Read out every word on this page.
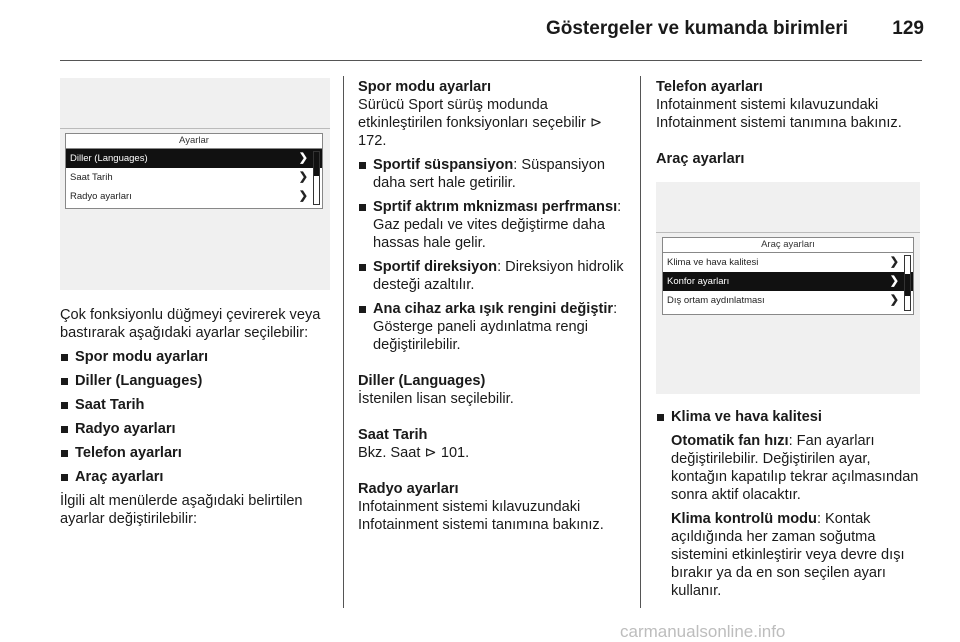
Göstergeler ve kumanda birimleri 129
Ayarlar
Diller (Languages)	❯
Saat Tarih	❯
Radyo ayarları	❯

Çok fonksiyonlu düğmeyi çevirerek veya bastırarak aşağıdaki ayarlar seçilebilir:

Spor modu ayarları

Diller (Languages)

Saat Tarih

Radyo ayarları

Telefon ayarları

Araç ayarları

İlgili alt menülerde aşağıdaki belirtilen ayarlar değiştirilebilir:

Spor modu ayarları

Sürücü Sport sürüş modunda etkinleştirilen fonksiyonları seçebilir ⊳ 172.

Sportif süspansiyon: Süspansiyon daha sert hale getirilir.

Sprtif aktrım mknizması perfrmansı: Gaz pedalı ve vites değiştirme daha hassas hale gelir.

Sportif direksiyon: Direksiyon hidrolik desteği azaltılır.

Ana cihaz arka ışık rengini değiştir: Gösterge paneli aydınlatma rengi değiştirilebilir.

Diller (Languages)

İstenilen lisan seçilebilir.

Saat Tarih

Bkz. Saat ⊳ 101.

Radyo ayarları

Infotainment sistemi kılavuzundaki Infotainment sistemi tanımına bakınız.

Telefon ayarları

Infotainment sistemi kılavuzundaki Infotainment sistemi tanımına bakınız.

Araç ayarları

Araç ayarları
Klima ve hava kalitesi	❯
Konfor ayarları	❯
Dış ortam aydınlatması	❯

Klima ve hava kalitesi

Otomatik fan hızı: Fan ayarları değiştirilebilir. Değiştirilen ayar, kontağın kapatılıp tekrar açılmasından sonra aktif olacaktır.

Klima kontrolü modu: Kontak açıldığında her zaman soğutma sistemini etkinleştirir veya devre dışı bırakır ya da en son seçilen ayarı kullanır.

carmanualsonline.info
